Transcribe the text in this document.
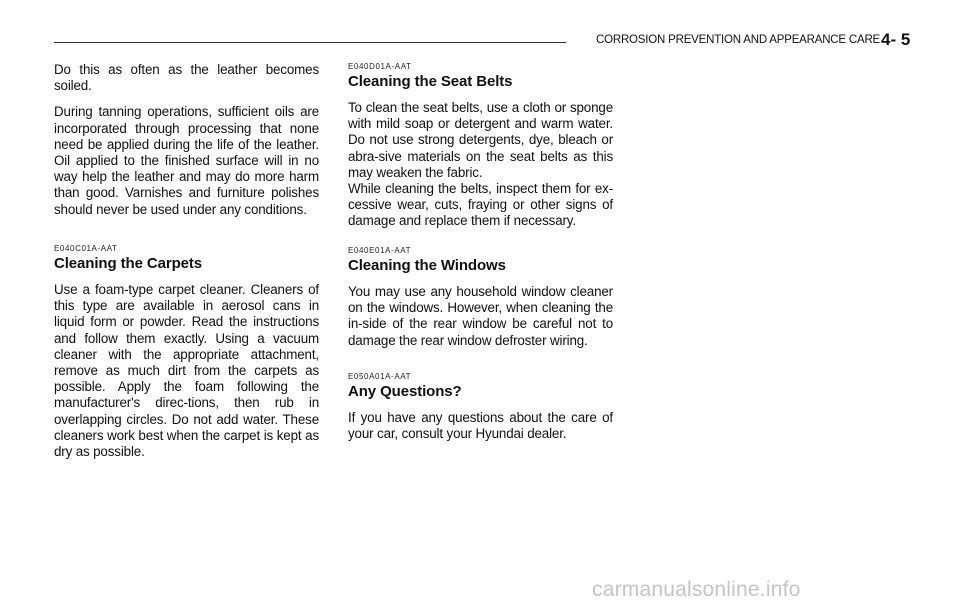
CORROSION PREVENTION AND APPEARANCE CARE 4- 5

Do this as often as the leather becomes soiled.

During tanning operations, sufficient oils are incorporated through processing that none need be applied during the life of the leather. Oil applied to the finished surface will in no way help the leather and may do more harm than good. Varnishes and furniture polishes should never be used under any conditions.

E040C01A-AAT
Cleaning the Carpets

Use a foam-type carpet cleaner. Cleaners of this type are available in aerosol cans in liquid form or powder. Read the instructions and follow them exactly. Using a vacuum cleaner with the appropriate attachment, remove as much dirt from the carpets as possible. Apply the foam following the manufacturer's direc-tions, then rub in overlapping circles. Do not add water. These cleaners work best when the carpet is kept as dry as possible.

E040D01A-AAT
Cleaning the Seat Belts

To clean the seat belts, use a cloth or sponge with mild soap or detergent and warm water. Do not use strong detergents, dye, bleach or abra-sive materials on the seat belts as this may weaken the fabric.

While cleaning the belts, inspect them for ex-cessive wear, cuts, fraying or other signs of damage and replace them if necessary.

E040E01A-AAT
Cleaning the Windows

You may use any household window cleaner on the windows. However, when cleaning the in-side of the rear window be careful not to damage the rear window defroster wiring.

E050A01A-AAT
Any Questions?

If you have any questions about the care of your car, consult your Hyundai dealer.

carmanualsonline.info
